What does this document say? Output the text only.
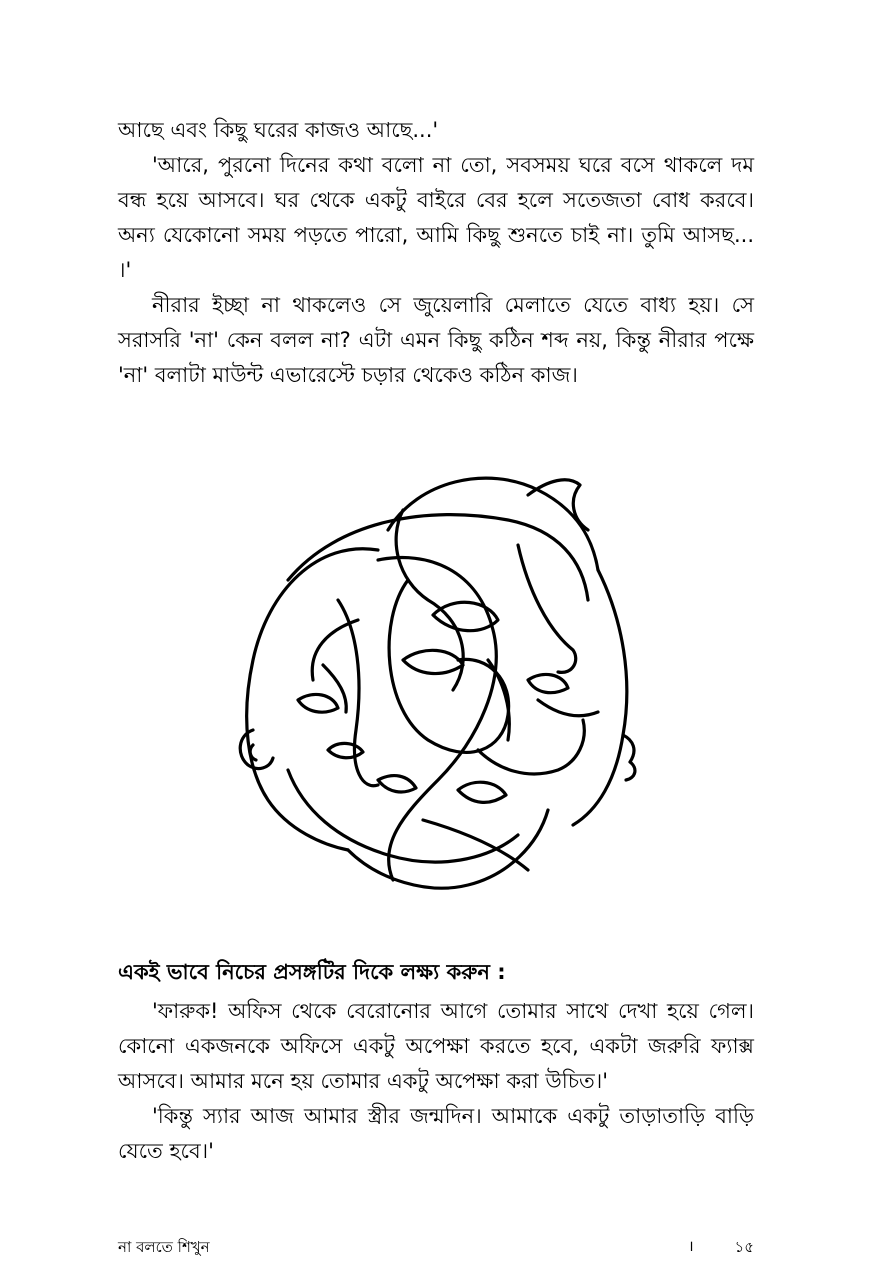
আছে এবং কিছু ঘরের কাজও আছে...'

'আরে, পুরনো দিনের কথা বলো না তো, সবসময় ঘরে বসে থাকলে দম বন্ধ হয়ে আসবে। ঘর থেকে একটু বাইরে বের হলে সতেজতা বোধ করবে। অন্য যেকোনো সময় পড়তে পারো, আমি কিছু শুনতে চাই না। তুমি আসছ... ।'

নীরার ইচ্ছা না থাকলেও সে জুয়েলারি মেলাতে যেতে বাধ্য হয়। সে সরাসরি 'না' কেন বলল না? এটা এমন কিছু কঠিন শব্দ নয়, কিন্তু নীরার পক্ষে 'না' বলাটা মাউন্ট এভারেস্টে চড়ার থেকেও কঠিন কাজ।

একই ভাবে নিচের প্রসঙ্গটির দিকে লক্ষ্য করুন :

'ফারুক! অফিস থেকে বেরোনোর আগে তোমার সাথে দেখা হয়ে গেল। কোনো একজনকে অফিসে একটু অপেক্ষা করতে হবে, একটা জরুরি ফ্যাক্স আসবে। আমার মনে হয় তোমার একটু অপেক্ষা করা উচিত।'

'কিন্তু স্যার আজ আমার স্ত্রীর জন্মদিন। আমাকে একটু তাড়াতাড়ি বাড়ি যেতে হবে।'

না বলতে শিখুন	।	১৫
